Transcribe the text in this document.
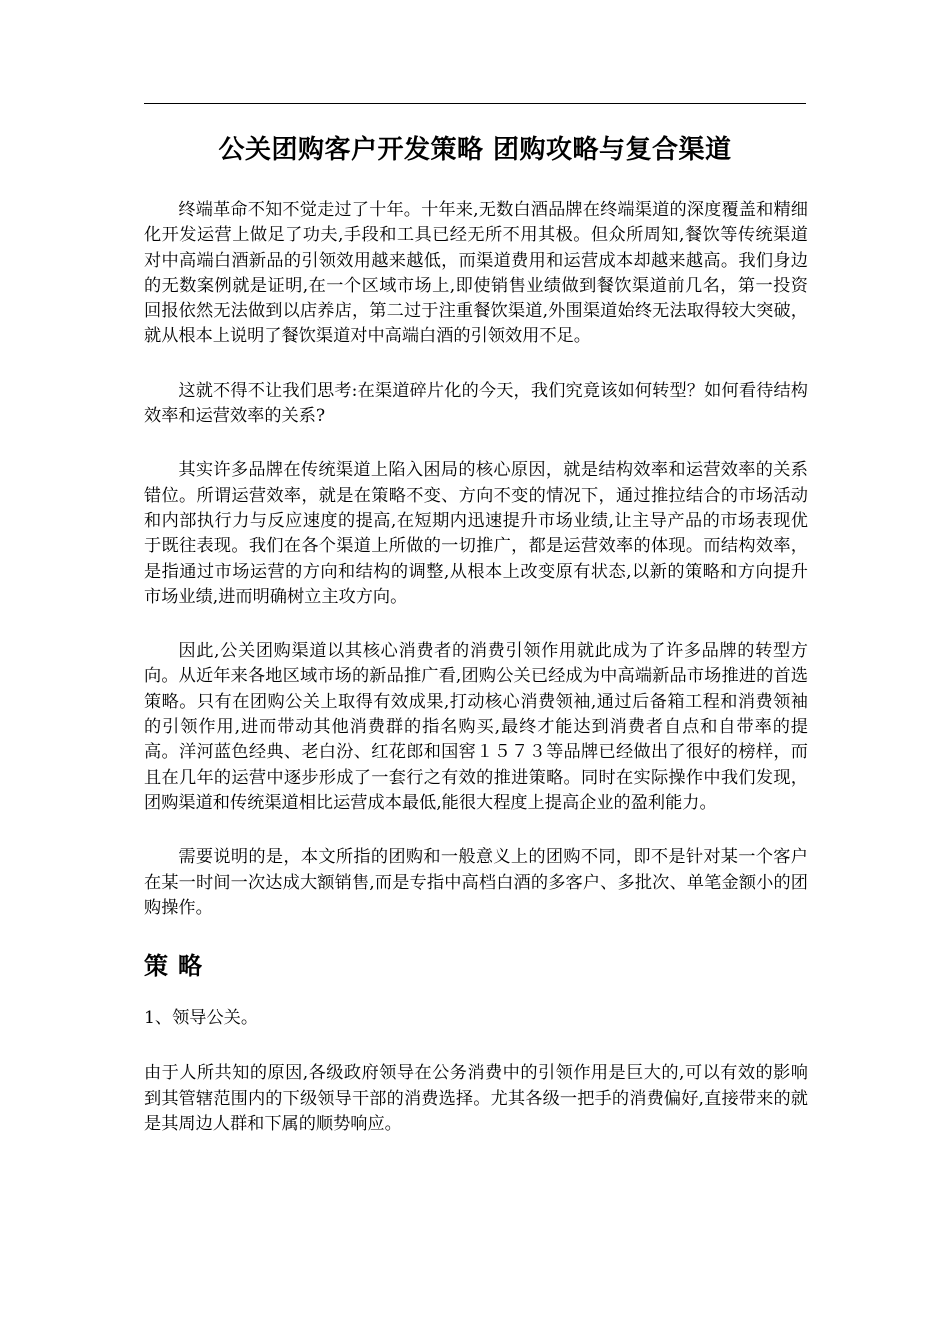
公关团购客户开发策略 团购攻略与复合渠道

终端革命不知不觉走过了十年。十年来,无数白酒品牌在终端渠道的深度覆盖和精细化开发运营上做足了功夫,手段和工具已经无所不用其极。但众所周知,餐饮等传统渠道对中高端白酒新品的引领效用越来越低，而渠道费用和运营成本却越来越高。我们身边的无数案例就是证明,在一个区域市场上,即使销售业绩做到餐饮渠道前几名，第一投资回报依然无法做到以店养店，第二过于注重餐饮渠道,外围渠道始终无法取得较大突破，就从根本上说明了餐饮渠道对中高端白酒的引领效用不足。

这就不得不让我们思考:在渠道碎片化的今天，我们究竟该如何转型？如何看待结构效率和运营效率的关系?

其实许多品牌在传统渠道上陷入困局的核心原因，就是结构效率和运营效率的关系错位。所谓运营效率，就是在策略不变、方向不变的情况下，通过推拉结合的市场活动和内部执行力与反应速度的提高,在短期内迅速提升市场业绩,让主导产品的市场表现优于既往表现。我们在各个渠道上所做的一切推广，都是运营效率的体现。而结构效率，是指通过市场运营的方向和结构的调整,从根本上改变原有状态,以新的策略和方向提升市场业绩,进而明确树立主攻方向。

因此,公关团购渠道以其核心消费者的消费引领作用就此成为了许多品牌的转型方向。从近年来各地区域市场的新品推广看,团购公关已经成为中高端新品市场推进的首选策略。只有在团购公关上取得有效成果,打动核心消费领袖,通过后备箱工程和消费领袖的引领作用,进而带动其他消费群的指名购买,最终才能达到消费者自点和自带率的提高。洋河蓝色经典、老白汾、红花郎和国窖１５７３等品牌已经做出了很好的榜样，而且在几年的运营中逐步形成了一套行之有效的推进策略。同时在实际操作中我们发现，团购渠道和传统渠道相比运营成本最低,能很大程度上提高企业的盈利能力。

需要说明的是，本文所指的团购和一般意义上的团购不同，即不是针对某一个客户在某一时间一次达成大额销售,而是专指中高档白酒的多客户、多批次、单笔金额小的团购操作。

策略

1、领导公关。

由于人所共知的原因,各级政府领导在公务消费中的引领作用是巨大的,可以有效的影响到其管辖范围内的下级领导干部的消费选择。尤其各级一把手的消费偏好,直接带来的就是其周边人群和下属的顺势响应。
